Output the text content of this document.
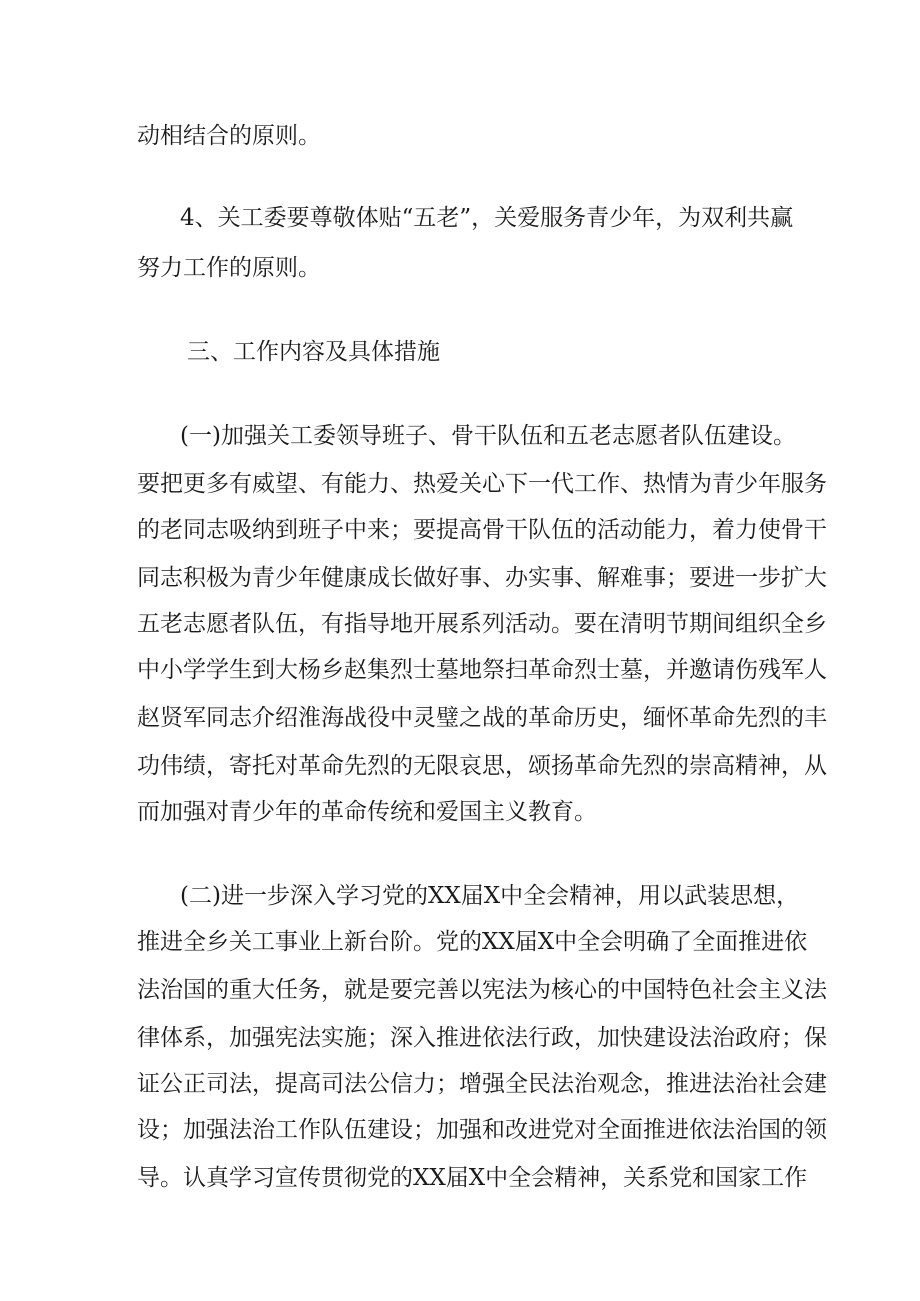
动相结合的原则。
4、关工委要尊敬体贴“五老”，关爱服务青少年，为双利共赢
努力工作的原则。
三、工作内容及具体措施
(一)加强关工委领导班子、骨干队伍和五老志愿者队伍建设。
要把更多有威望、有能力、热爱关心下一代工作、热情为青少年服务
的老同志吸纳到班子中来；要提高骨干队伍的活动能力，着力使骨干
同志积极为青少年健康成长做好事、办实事、解难事；要进一步扩大
五老志愿者队伍，有指导地开展系列活动。要在清明节期间组织全乡
中小学学生到大杨乡赵集烈士墓地祭扫革命烈士墓，并邀请伤残军人
赵贤军同志介绍淮海战役中灵璧之战的革命历史，缅怀革命先烈的丰
功伟绩，寄托对革命先烈的无限哀思，颂扬革命先烈的崇高精神，从
而加强对青少年的革命传统和爱国主义教育。
(二)进一步深入学习党的XX届X中全会精神，用以武装思想，
推进全乡关工事业上新台阶。党的XX届X中全会明确了全面推进依
法治国的重大任务，就是要完善以宪法为核心的中国特色社会主义法
律体系，加强宪法实施；深入推进依法行政，加快建设法治政府；保
证公正司法，提高司法公信力；增强全民法治观念，推进法治社会建
设；加强法治工作队伍建设；加强和改进党对全面推进依法治国的领
导。认真学习宣传贯彻党的XX届X中全会精神，关系党和国家工作
